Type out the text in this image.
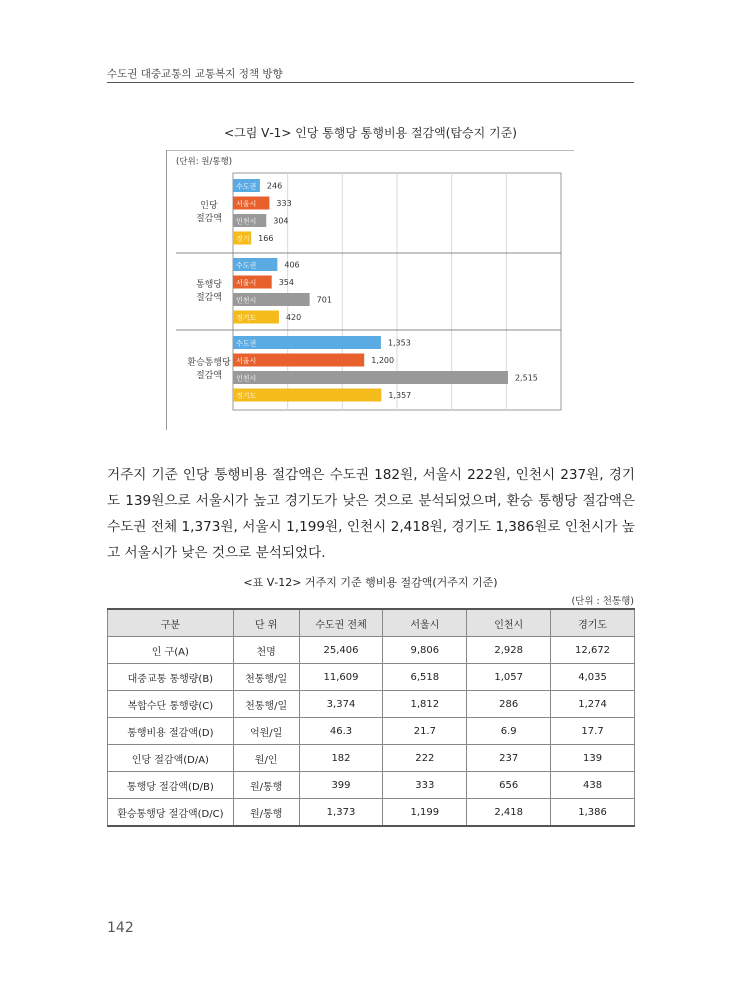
수도권 대중교통의 교통복지 정책 방향
<그림 Ⅴ-1> 인당 통행당 통행비용 절감액(탑승지 기준)
(단위: 원/통행)
인당
절감액
수도권 246
서울시	333
인천시 304
경기 166
통행당
절감액
수도권	406
서울시	354
인천시	701
경기도	420
환승통행당
절감액
수도권	1,353
서울시	1,200
인천시	2,515
경기도	1,357
거주지 기준 인당 통행비용 절감액은 수도권 182원, 서울시 222원, 인천시 237원, 경기도 139원으로 서울시가 높고 경기도가 낮은 것으로 분석되었으며, 환승 통행당 절감액은 수도권 전체 1,373원, 서울시 1,199원, 인천시 2,418원, 경기도 1,386원로 인천시가 높고 서울시가 낮은 것으로 분석되었다.
<표 Ⅴ-12> 거주지 기준 행비용 절감액(거주지 기준)
(단위 : 천통행)
구분	단 위	수도권 전체	서울시	인천시	경기도
인 구(A)	천명	25,406	9,806	2,928	12,672
대중교통 통행량(B)	천통행/일	11,609	6,518	1,057	4,035
복합수단 통행량(C)	천통행/일	3,374	1,812	286	1,274
통행비용 절감액(D)	억원/일	46.3	21.7	6.9	17.7
인당 절감액(D/A)	원/인	182	222	237	139
통행당 절감액(D/B)	원/통행	399	333	656	438
환승통행당 절감액(D/C)	원/통행	1,373	1,199	2,418	1,386
142
